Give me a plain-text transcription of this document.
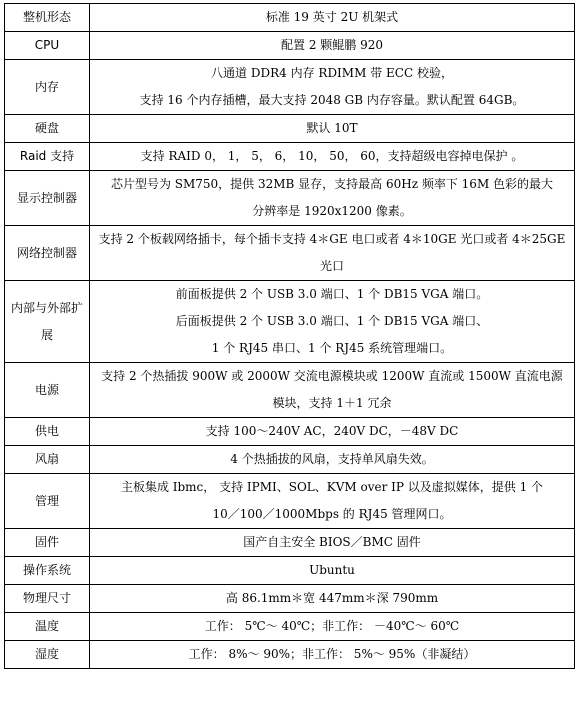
整机形态	标准 19 英寸 2U 机架式

CPU	配置 2 颗鲲鹏 920

内存	八通道 DDR4 内存 RDIMM 带 ECC 校验，
支持 16 个内存插槽，最大支持 2048 GB 内存容量。默认配置 64GB。

硬盘	默认 10T

Raid 支持	支持 RAID 0， 1， 5， 6， 10， 50， 60，支持超级电容掉电保护 。

显示控制器	芯片型号为 SM750，提供 32MB 显存，支持最高 60Hz 频率下 16M 色彩的最大
分辨率是 1920x1200 像素。

网络控制器	支持 2 个板载网络插卡，每个插卡支持 4＊GE 电口或者 4＊10GE 光口或者 4＊25GE
光口

内部与外部扩展	前面板提供 2 个 USB 3.0 端口、1 个 DB15 VGA 端口。
后面板提供 2 个 USB 3.0 端口、1 个 DB15 VGA 端口、
1 个 RJ45 串口、1 个 RJ45 系统管理端口。

电源	支持 2 个热插拔 900W 或 2000W 交流电源模块或 1200W 直流或 1500W 直流电源
模块，支持 1＋1 冗余

供电	支持 100～240V AC，240V DC，－48V DC

风扇	4 个热插拔的风扇，支持单风扇失效。

管理	主板集成 Ibmc， 支持 IPMI、SOL、KVM over IP 以及虚拟媒体，提供 1 个
10／100／1000Mbps 的 RJ45 管理网口。

固件	国产自主安全 BIOS／BMC 固件

操作系统	Ubuntu

物理尺寸	高 86.1mm＊宽 447mm＊深 790mm

温度	工作： 5℃～ 40℃；非工作： －40℃～ 60℃

湿度	工作： 8%～ 90%；非工作： 5%～ 95%（非凝结）
